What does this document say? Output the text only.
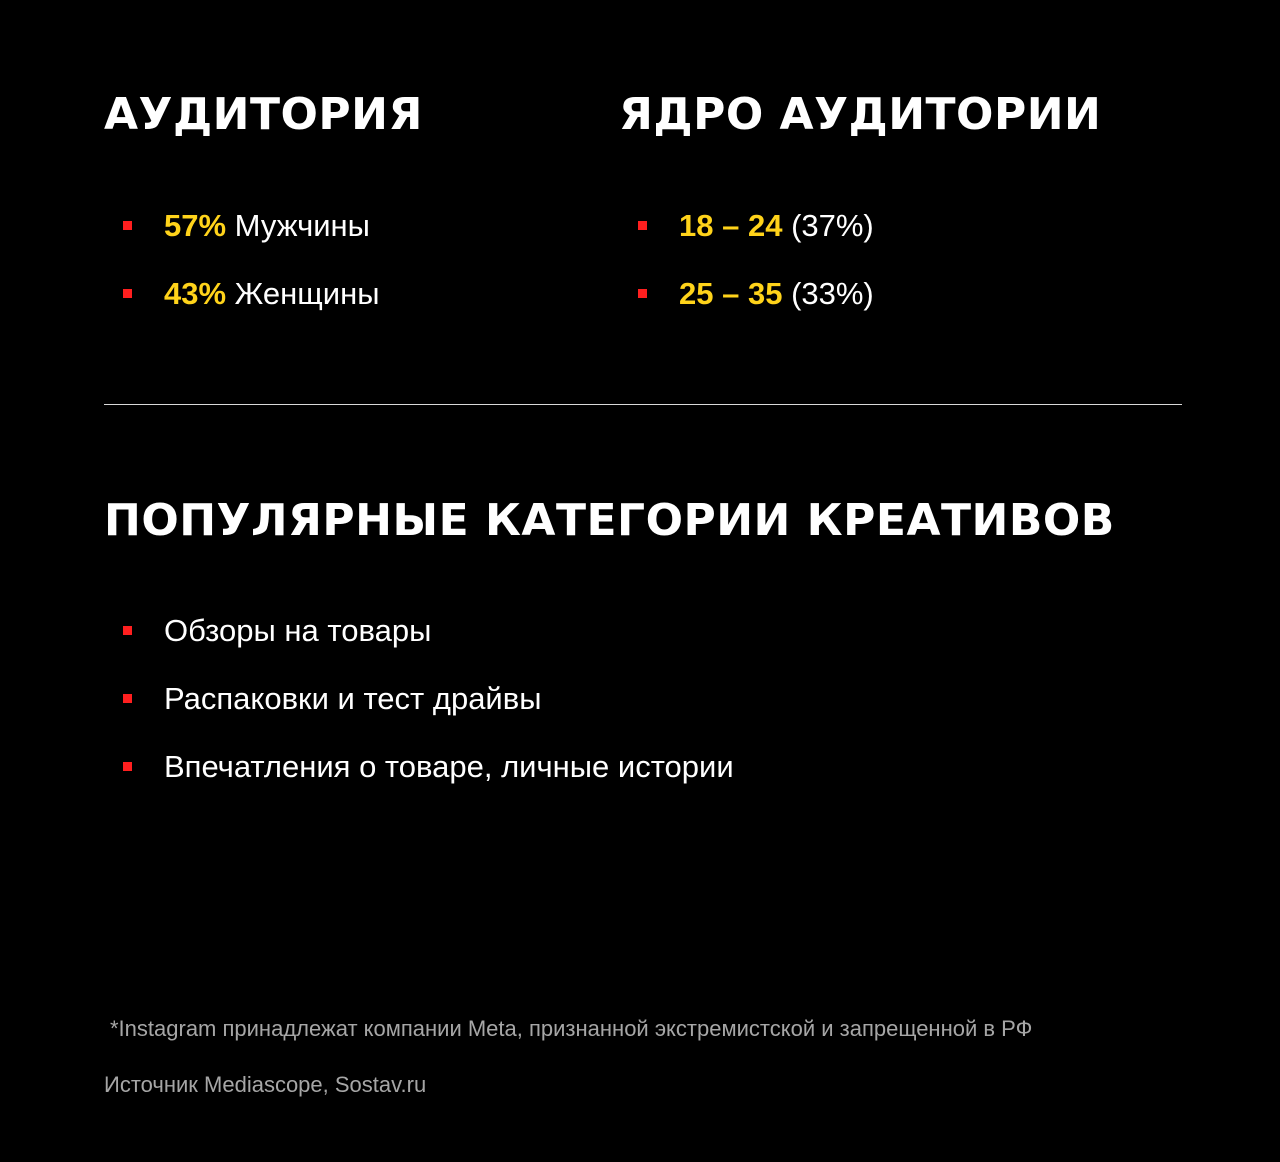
АУДИТОРИЯ	ЯДРО АУДИТОРИИ
57% Мужчины
43% Женщины
18 – 24 (37%)
25 – 35 (33%)
ПОПУЛЯРНЫЕ КАТЕГОРИИ КРЕАТИВОВ
Обзоры на товары
Распаковки и тест драйвы
Впечатления о товаре, личные истории

*Instagram принадлежат компании Meta, признанной экстремистской и запрещенной в РФ

Источник Mediascope, Sostav.ru
